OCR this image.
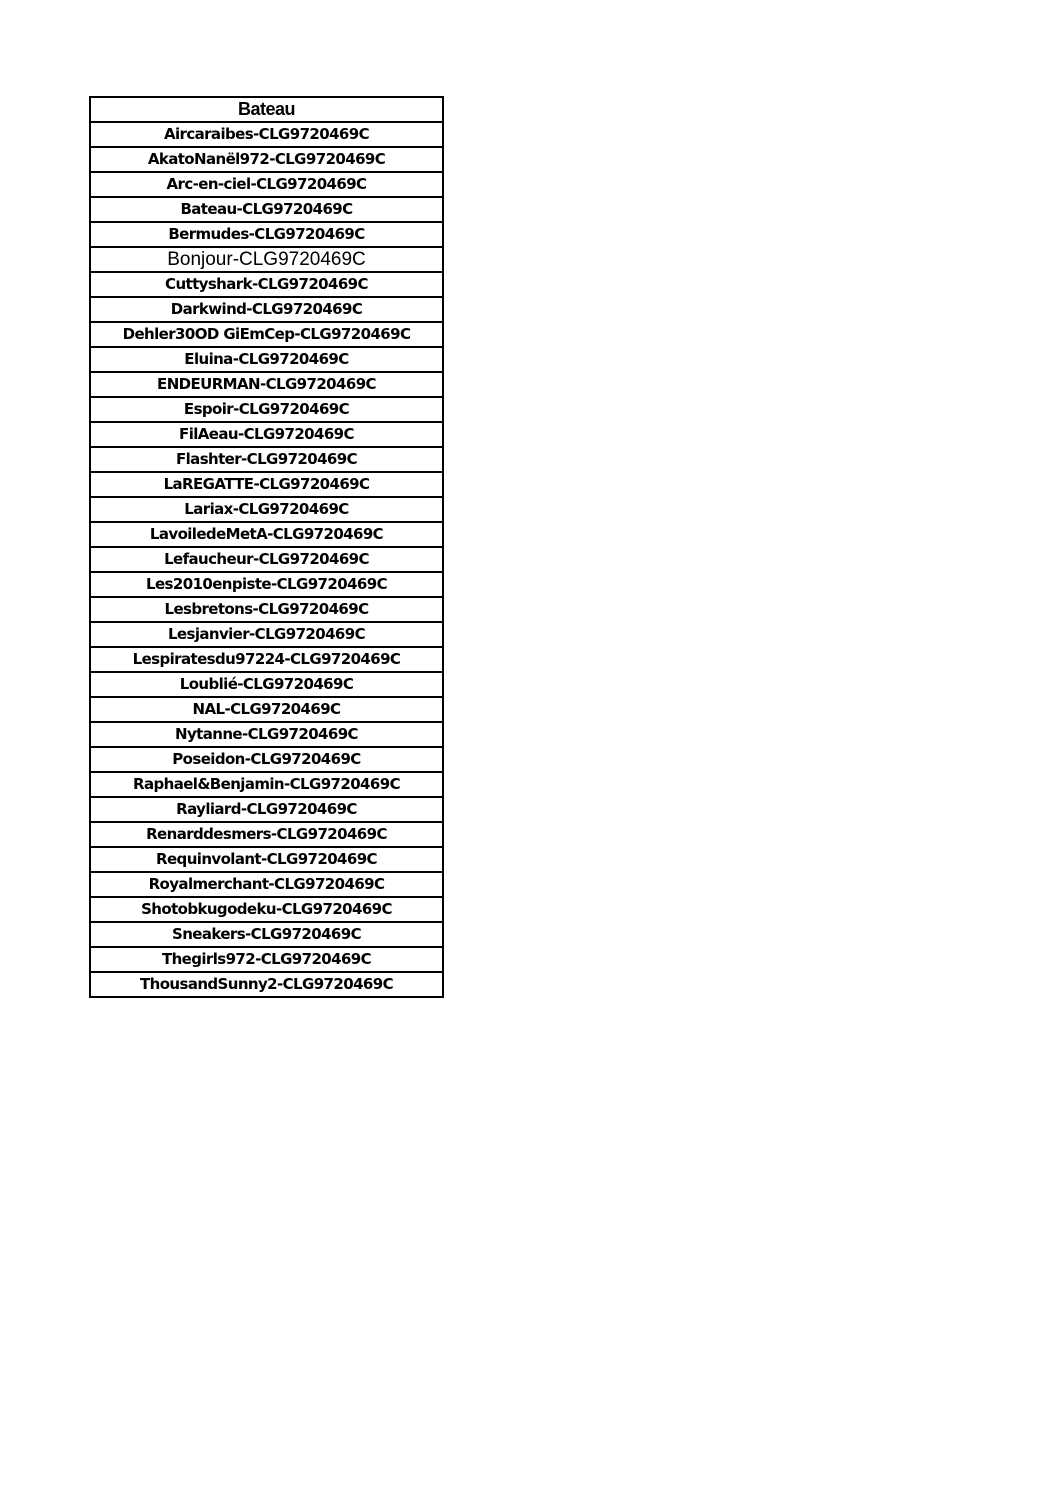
Bateau
Aircaraibes-CLG9720469C
AkatoNanël972-CLG9720469C
Arc-en-ciel-CLG9720469C
Bateau-CLG9720469C
Bermudes-CLG9720469C
Bonjour-CLG9720469C
Cuttyshark-CLG9720469C
Darkwind-CLG9720469C
Dehler30OD GiEmCep-CLG9720469C
Eluina-CLG9720469C
ENDEURMAN-CLG9720469C
Espoir-CLG9720469C
FilAeau-CLG9720469C
Flashter-CLG9720469C
LaREGATTE-CLG9720469C
Lariax-CLG9720469C
LavoiledeMetA-CLG9720469C
Lefaucheur-CLG9720469C
Les2010enpiste-CLG9720469C
Lesbretons-CLG9720469C
Lesjanvier-CLG9720469C
Lespiratesdu97224-CLG9720469C
Loublié-CLG9720469C
NAL-CLG9720469C
Nytanne-CLG9720469C
Poseidon-CLG9720469C
Raphael&Benjamin-CLG9720469C
Rayliard-CLG9720469C
Renarddesmers-CLG9720469C
Requinvolant-CLG9720469C
Royalmerchant-CLG9720469C
Shotobkugodeku-CLG9720469C
Sneakers-CLG9720469C
Thegirls972-CLG9720469C
ThousandSunny2-CLG9720469C
